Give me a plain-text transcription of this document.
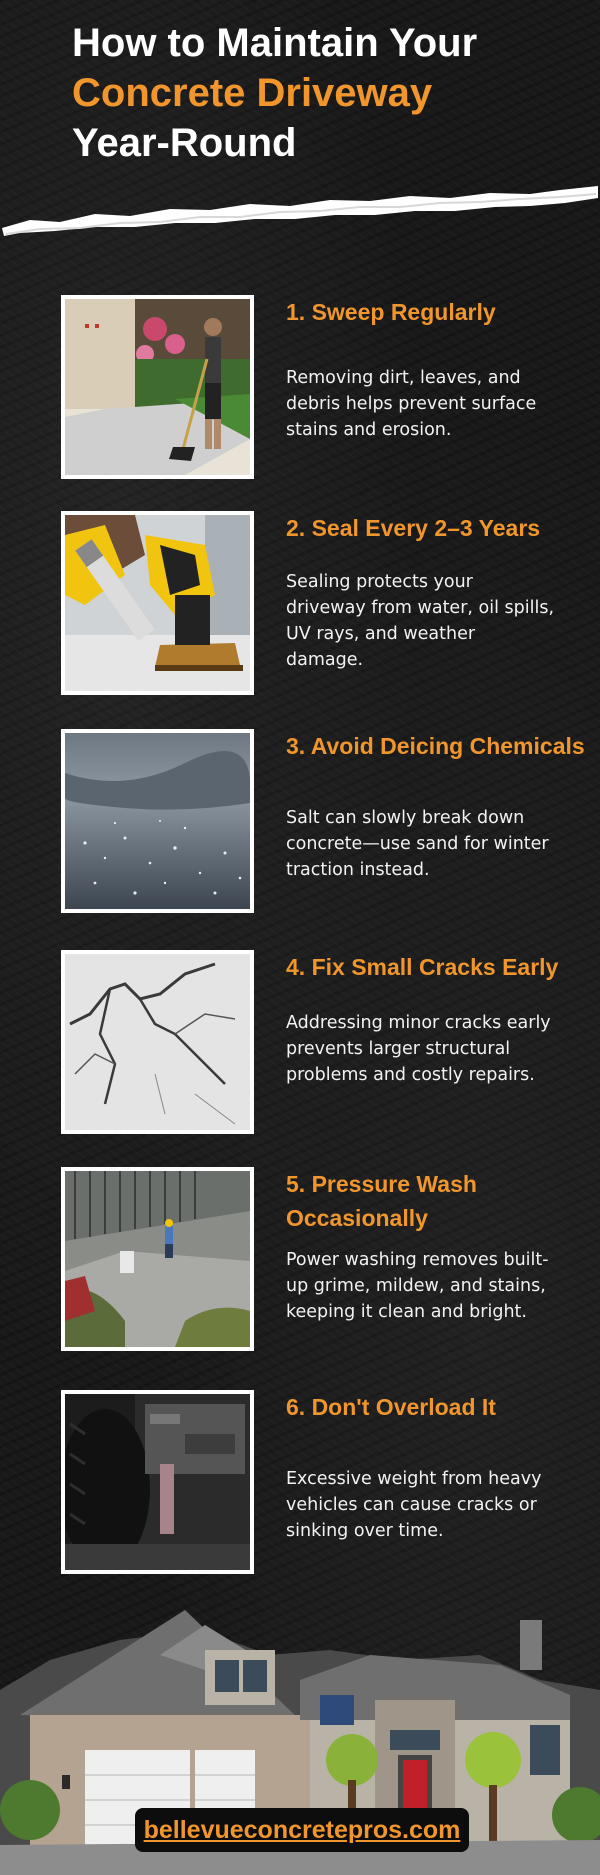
How to Maintain Your
Concrete Driveway
Year-Round
1. Sweep Regularly
Removing dirt, leaves, and debris helps prevent surface stains and erosion.
2. Seal Every 2–3 Years
Sealing protects your driveway from water, oil spills, UV rays, and weather damage.
3. Avoid Deicing Chemicals
Salt can slowly break down concrete—use sand for winter traction instead.
4. Fix Small Cracks Early
Addressing minor cracks early prevents larger structural problems and costly repairs.
5. Pressure Wash Occasionally
Power washing removes built-up grime, mildew, and stains, keeping it clean and bright.
6. Don't Overload It
Excessive weight from heavy vehicles can cause cracks or sinking over time.
bellevueconcretepros.com
